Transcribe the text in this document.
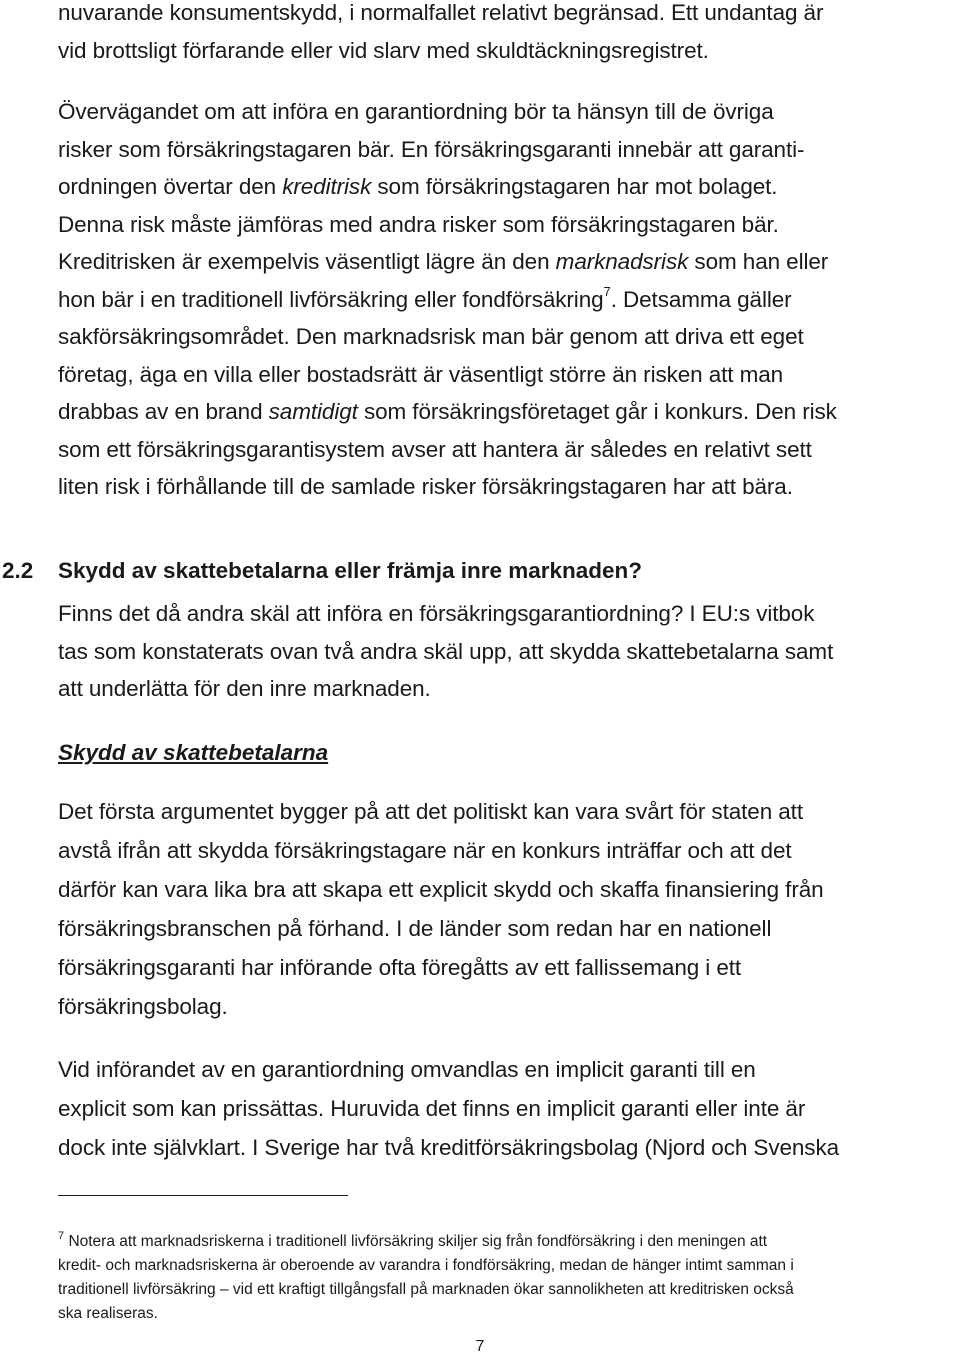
nuvarande konsumentskydd, i normalfallet relativt begränsad. Ett undantag är

vid brottsligt förfarande eller vid slarv med skuldtäckningsregistret.

Övervägandet om att införa en garantiordning bör ta hänsyn till de övriga

risker som försäkringstagaren bär. En försäkringsgaranti innebär att garanti-

ordningen övertar den kreditrisk som försäkringstagaren har mot bolaget.

Denna risk måste jämföras med andra risker som försäkringstagaren bär.

Kreditrisken är exempelvis väsentligt lägre än den marknadsrisk som han eller

hon bär i en traditionell livförsäkring eller fondförsäkring$^7$. Detsamma gäller

sakförsäkringsområdet. Den marknadsrisk man bär genom att driva ett eget

företag, äga en villa eller bostadsrätt är väsentligt större än risken att man

drabbas av en brand samtidigt som försäkringsföretaget går i konkurs. Den risk

som ett försäkringsgarantisystem avser att hantera är således en relativt sett

liten risk i förhållande till de samlade risker försäkringstagaren har att bära.

2.2 Skydd av skattebetalarna eller främja inre marknaden?

Finns det då andra skäl att införa en försäkringsgarantiordning? I EU:s vitbok

tas som konstaterats ovan två andra skäl upp, att skydda skattebetalarna samt

att underlätta för den inre marknaden.

Skydd av skattebetalarna

Det första argumentet bygger på att det politiskt kan vara svårt för staten att

avstå ifrån att skydda försäkringstagare när en konkurs inträffar och att det

därför kan vara lika bra att skapa ett explicit skydd och skaffa finansiering från

försäkringsbranschen på förhand. I de länder som redan har en nationell

försäkringsgaranti har införande ofta föregåtts av ett fallissemang i ett

försäkringsbolag.

Vid införandet av en garantiordning omvandlas en implicit garanti till en

explicit som kan prissättas. Huruvida det finns en implicit garanti eller inte är

dock inte självklart. I Sverige har två kreditförsäkringsbolag (Njord och Svenska

$^7$ Notera att marknadsriskerna i traditionell livförsäkring skiljer sig från fondförsäkring i den meningen att
kredit- och marknadsriskerna är oberoende av varandra i fondförsäkring, medan de hänger intimt samman i
traditionell livförsäkring – vid ett kraftigt tillgångsfall på marknaden ökar sannolikheten att kreditrisken också
ska realiseras.

7
